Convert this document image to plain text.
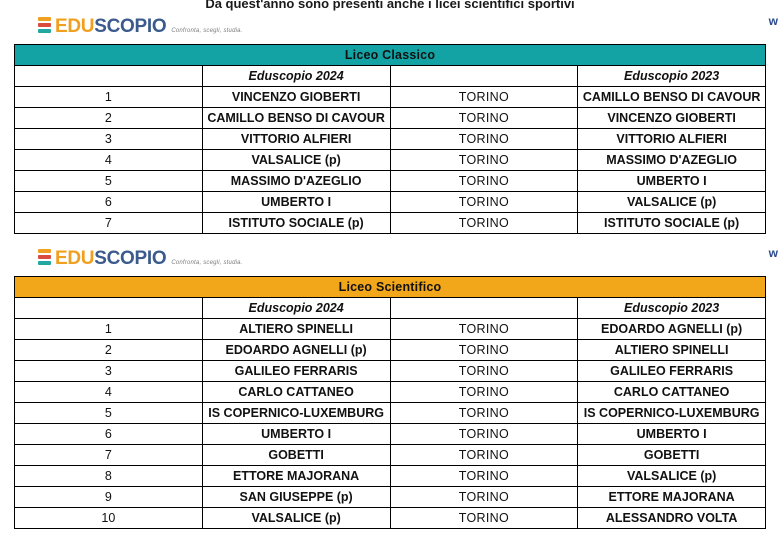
Da quest'anno sono presenti anche i licei scientifici sportivi
EDUSCOPIO Confronta, scegli, studia.
w
Liceo Classico			
	Eduscopio 2024		Eduscopio 2023
1	VINCENZO GIOBERTI	TORINO	CAMILLO BENSO DI CAVOUR
2	CAMILLO BENSO DI CAVOUR	TORINO	VINCENZO GIOBERTI
3	VITTORIO ALFIERI	TORINO	VITTORIO ALFIERI
4	VALSALICE (p)	TORINO	MASSIMO D'AZEGLIO
5	MASSIMO D'AZEGLIO	TORINO	UMBERTO I
6	UMBERTO I	TORINO	VALSALICE (p)
7	ISTITUTO SOCIALE (p)	TORINO	ISTITUTO SOCIALE (p)
EDUSCOPIO Confronta, scegli, studia.
w
Liceo Scientifico			
	Eduscopio 2024		Eduscopio 2023
1	ALTIERO SPINELLI	TORINO	EDOARDO AGNELLI (p)
2	EDOARDO AGNELLI (p)	TORINO	ALTIERO SPINELLI
3	GALILEO FERRARIS	TORINO	GALILEO FERRARIS
4	CARLO CATTANEO	TORINO	CARLO CATTANEO
5	IS COPERNICO-LUXEMBURG	TORINO	IS COPERNICO-LUXEMBURG
6	UMBERTO I	TORINO	UMBERTO I
7	GOBETTI	TORINO	GOBETTI
8	ETTORE MAJORANA	TORINO	VALSALICE (p)
9	SAN GIUSEPPE (p)	TORINO	ETTORE MAJORANA
10	VALSALICE (p)	TORINO	ALESSANDRO VOLTA
